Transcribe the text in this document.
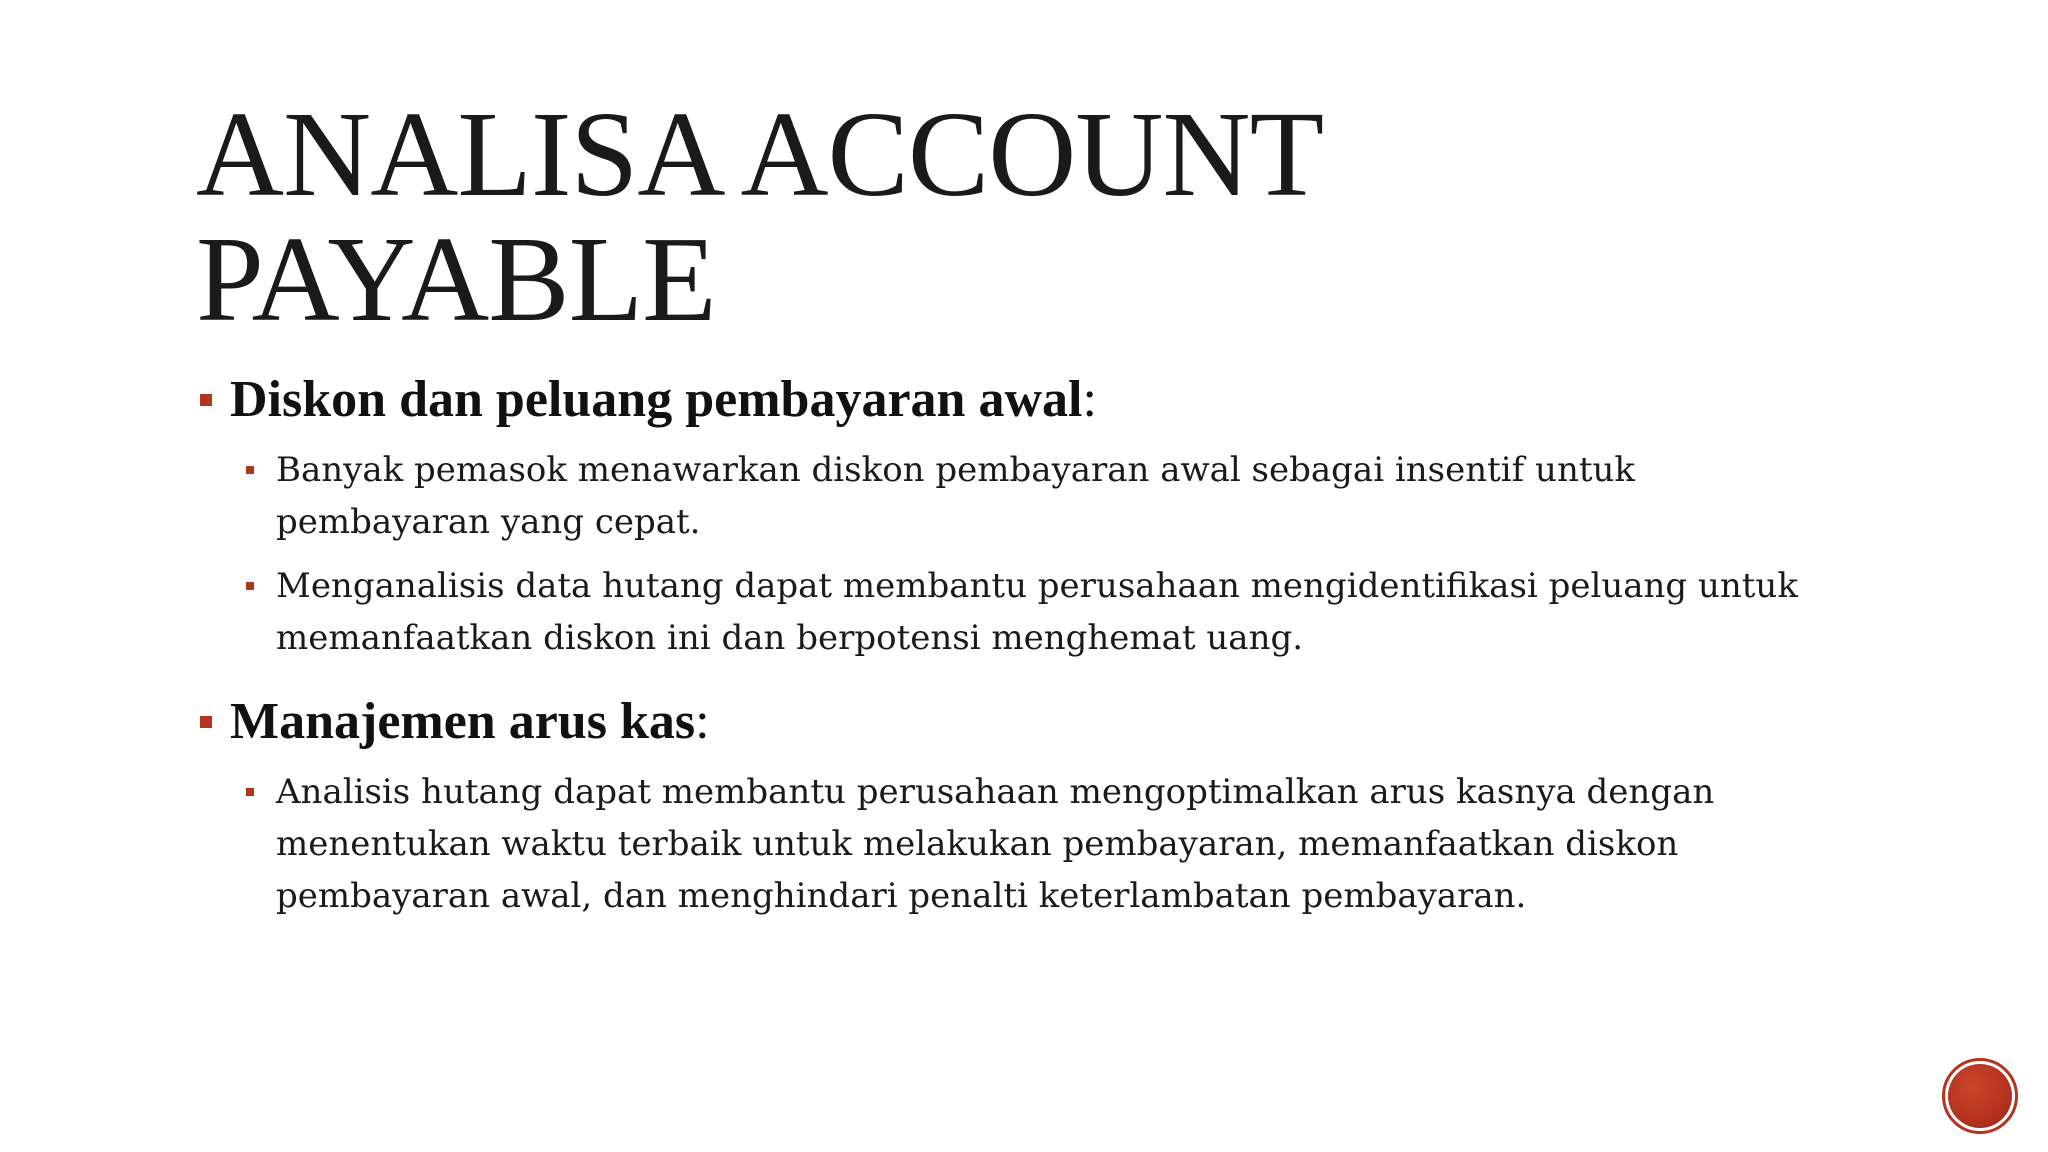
ANALISA ACCOUNT
PAYABLE
Diskon dan peluang pembayaran awal :
Banyak pemasok menawarkan diskon pembayaran awal sebagai insentif untuk pembayaran yang cepat.
Menganalisis data hutang dapat membantu perusahaan mengidentifikasi peluang untuk memanfaatkan diskon ini dan berpotensi menghemat uang.
Manajemen arus kas :
Analisis hutang dapat membantu perusahaan mengoptimalkan arus kasnya dengan menentukan waktu terbaik untuk melakukan pembayaran, memanfaatkan diskon pembayaran awal, dan menghindari penalti keterlambatan pembayaran.
